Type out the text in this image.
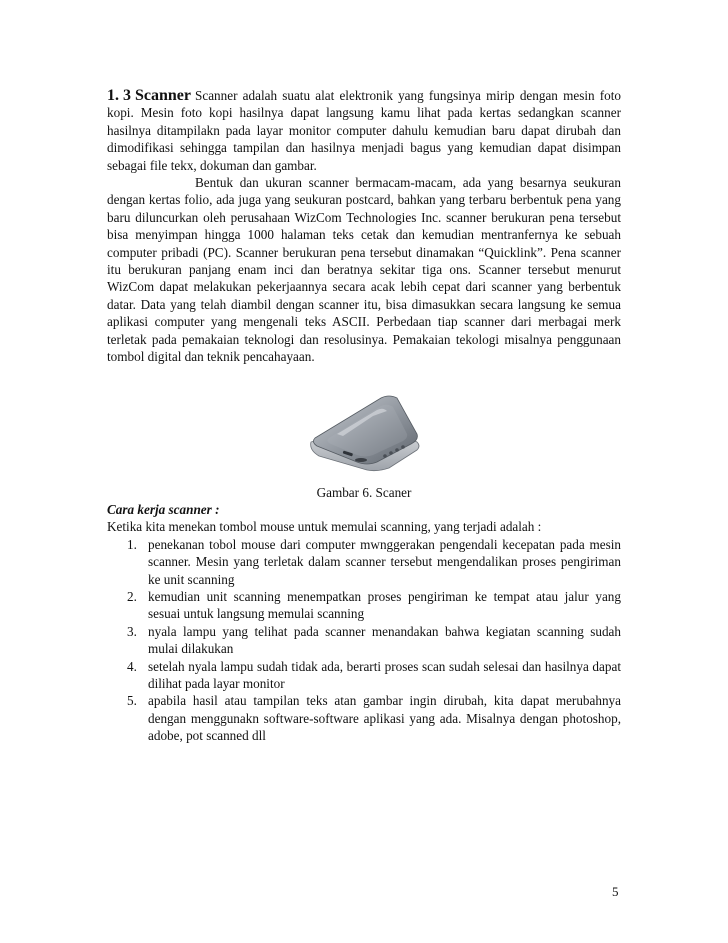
1. 3 Scanner Scanner adalah suatu alat elektronik yang fungsinya mirip dengan mesin foto kopi. Mesin foto kopi hasilnya dapat langsung kamu lihat pada kertas sedangkan scanner hasilnya ditampilakn pada layar monitor computer dahulu kemudian baru dapat dirubah dan dimodifikasi sehingga tampilan dan hasilnya menjadi bagus yang kemudian dapat disimpan sebagai file tekx, dokuman dan gambar.

Bentuk dan ukuran scanner bermacam-macam, ada yang besarnya seukuran dengan kertas folio, ada juga yang seukuran postcard, bahkan yang terbaru berbentuk pena yang baru diluncurkan oleh perusahaan WizCom Technologies Inc. scanner berukuran pena tersebut bisa menyimpan hingga 1000 halaman teks cetak dan kemudian mentranfernya ke sebuah computer pribadi (PC). Scanner berukuran pena tersebut dinamakan “Quicklink”. Pena scanner itu berukuran panjang enam inci dan beratnya sekitar tiga ons. Scanner tersebut menurut WizCom dapat melakukan pekerjaannya secara acak lebih cepat dari scanner yang berbentuk datar. Data yang telah diambil dengan scanner itu, bisa dimasukkan secara langsung ke semua aplikasi computer yang mengenali teks ASCII. Perbedaan tiap scanner dari merbagai merk terletak pada pemakaian teknologi dan resolusinya. Pemakaian tekologi misalnya penggunaan tombol digital dan teknik pencahayaan.

Gambar 6. Scaner
Cara kerja scanner :

Ketika kita menekan tombol mouse untuk memulai scanning, yang terjadi adalah :

1. penekanan tobol mouse dari computer mwnggerakan pengendali kecepatan pada mesin scanner. Mesin yang terletak dalam scanner tersebut mengendalikan proses pengiriman ke unit scanning
2. kemudian unit scanning menempatkan proses pengiriman ke tempat atau jalur yang sesuai untuk langsung memulai scanning
3. nyala lampu yang telihat pada scanner menandakan bahwa kegiatan scanning sudah mulai dilakukan
4. setelah nyala lampu sudah tidak ada, berarti proses scan sudah selesai dan hasilnya dapat dilihat pada layar monitor
5. apabila hasil atau tampilan teks atan gambar ingin dirubah, kita dapat merubahnya dengan menggunakn software-software aplikasi yang ada. Misalnya dengan photoshop, adobe, pot scanned dll
5
